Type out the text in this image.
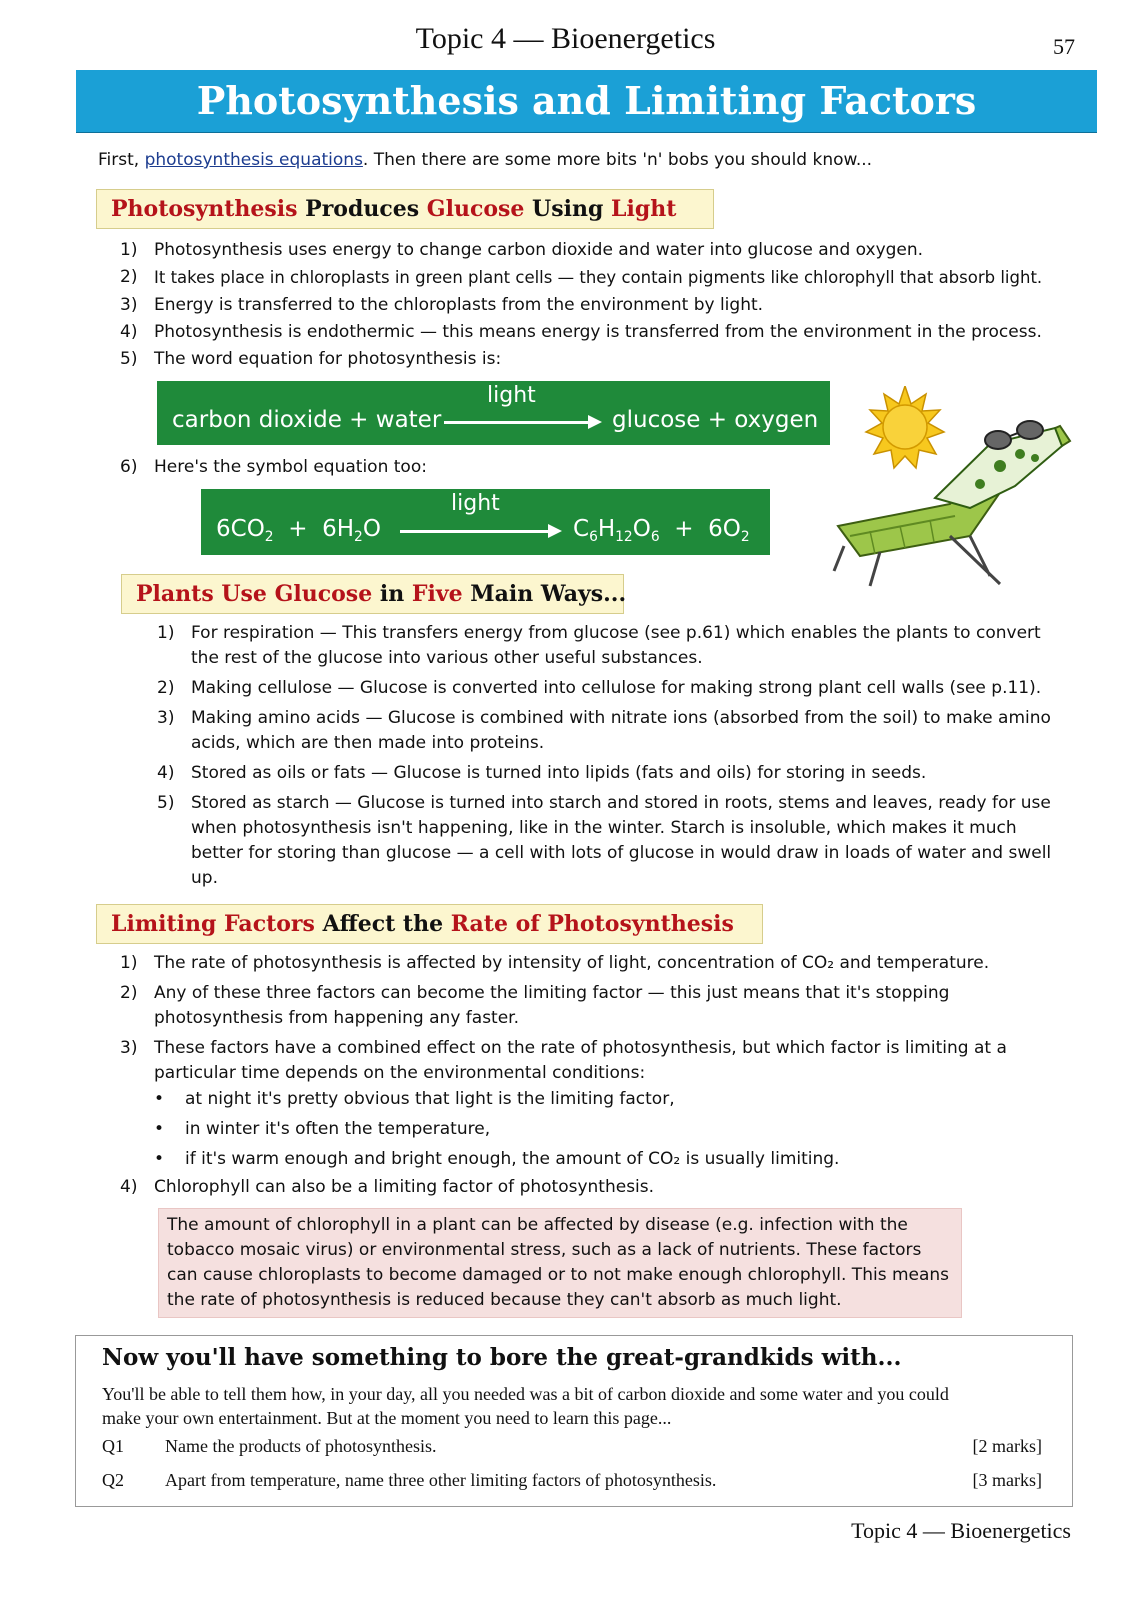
Topic 4 — Bioenergetics	57
Photosynthesis and Limiting Factors
First, photosynthesis equations. Then there are some more bits 'n' bobs you should know...
Photosynthesis Produces Glucose Using Light
1) Photosynthesis uses energy to change carbon dioxide and water into glucose and oxygen.
2) It takes place in chloroplasts in green plant cells — they contain pigments like chlorophyll that absorb light.
3) Energy is transferred to the chloroplasts from the environment by light.
4) Photosynthesis is endothermic — this means energy is transferred from the environment in the process.
5) The word equation for photosynthesis is:
carbon dioxide + water
light
glucose + oxygen
6) Here's the symbol equation too:
$6CO_2 + 6H_2O$
light
$C_6H_{12}O_6 + 6O_2$
Plants Use Glucose in Five Main Ways...
1) For respiration — This transfers energy from glucose (see p.61) which enables the plants to convert the rest of the glucose into various other useful substances.
2) Making cellulose — Glucose is converted into cellulose for making strong plant cell walls (see p.11).
3) Making amino acids — Glucose is combined with nitrate ions (absorbed from the soil) to make amino acids, which are then made into proteins.
4) Stored as oils or fats — Glucose is turned into lipids (fats and oils) for storing in seeds.
5) Stored as starch — Glucose is turned into starch and stored in roots, stems and leaves, ready for use when photosynthesis isn't happening, like in the winter. Starch is insoluble, which makes it much better for storing than glucose — a cell with lots of glucose in would draw in loads of water and swell up.
Limiting Factors Affect the Rate of Photosynthesis
1) The rate of photosynthesis is affected by intensity of light, concentration of CO₂ and temperature.
2) Any of these three factors can become the limiting factor — this just means that it's stopping photosynthesis from happening any faster.
3) These factors have a combined effect on the rate of photosynthesis, but which factor is limiting at a particular time depends on the environmental conditions:
• at night it's pretty obvious that light is the limiting factor,
• in winter it's often the temperature,
• if it's warm enough and bright enough, the amount of CO₂ is usually limiting.
4) Chlorophyll can also be a limiting factor of photosynthesis.
The amount of chlorophyll in a plant can be affected by disease (e.g. infection with the tobacco mosaic virus) or environmental stress, such as a lack of nutrients. These factors can cause chloroplasts to become damaged or to not make enough chlorophyll. This means the rate of photosynthesis is reduced because they can't absorb as much light.
Now you'll have something to bore the great-grandkids with...
You'll be able to tell them how, in your day, all you needed was a bit of carbon dioxide and some water and you could make your own entertainment. But at the moment you need to learn this page...
Q1 Name the products of photosynthesis.	[2 marks]
Q2 Apart from temperature, name three other limiting factors of photosynthesis.	[3 marks]
Topic 4 — Bioenergetics
